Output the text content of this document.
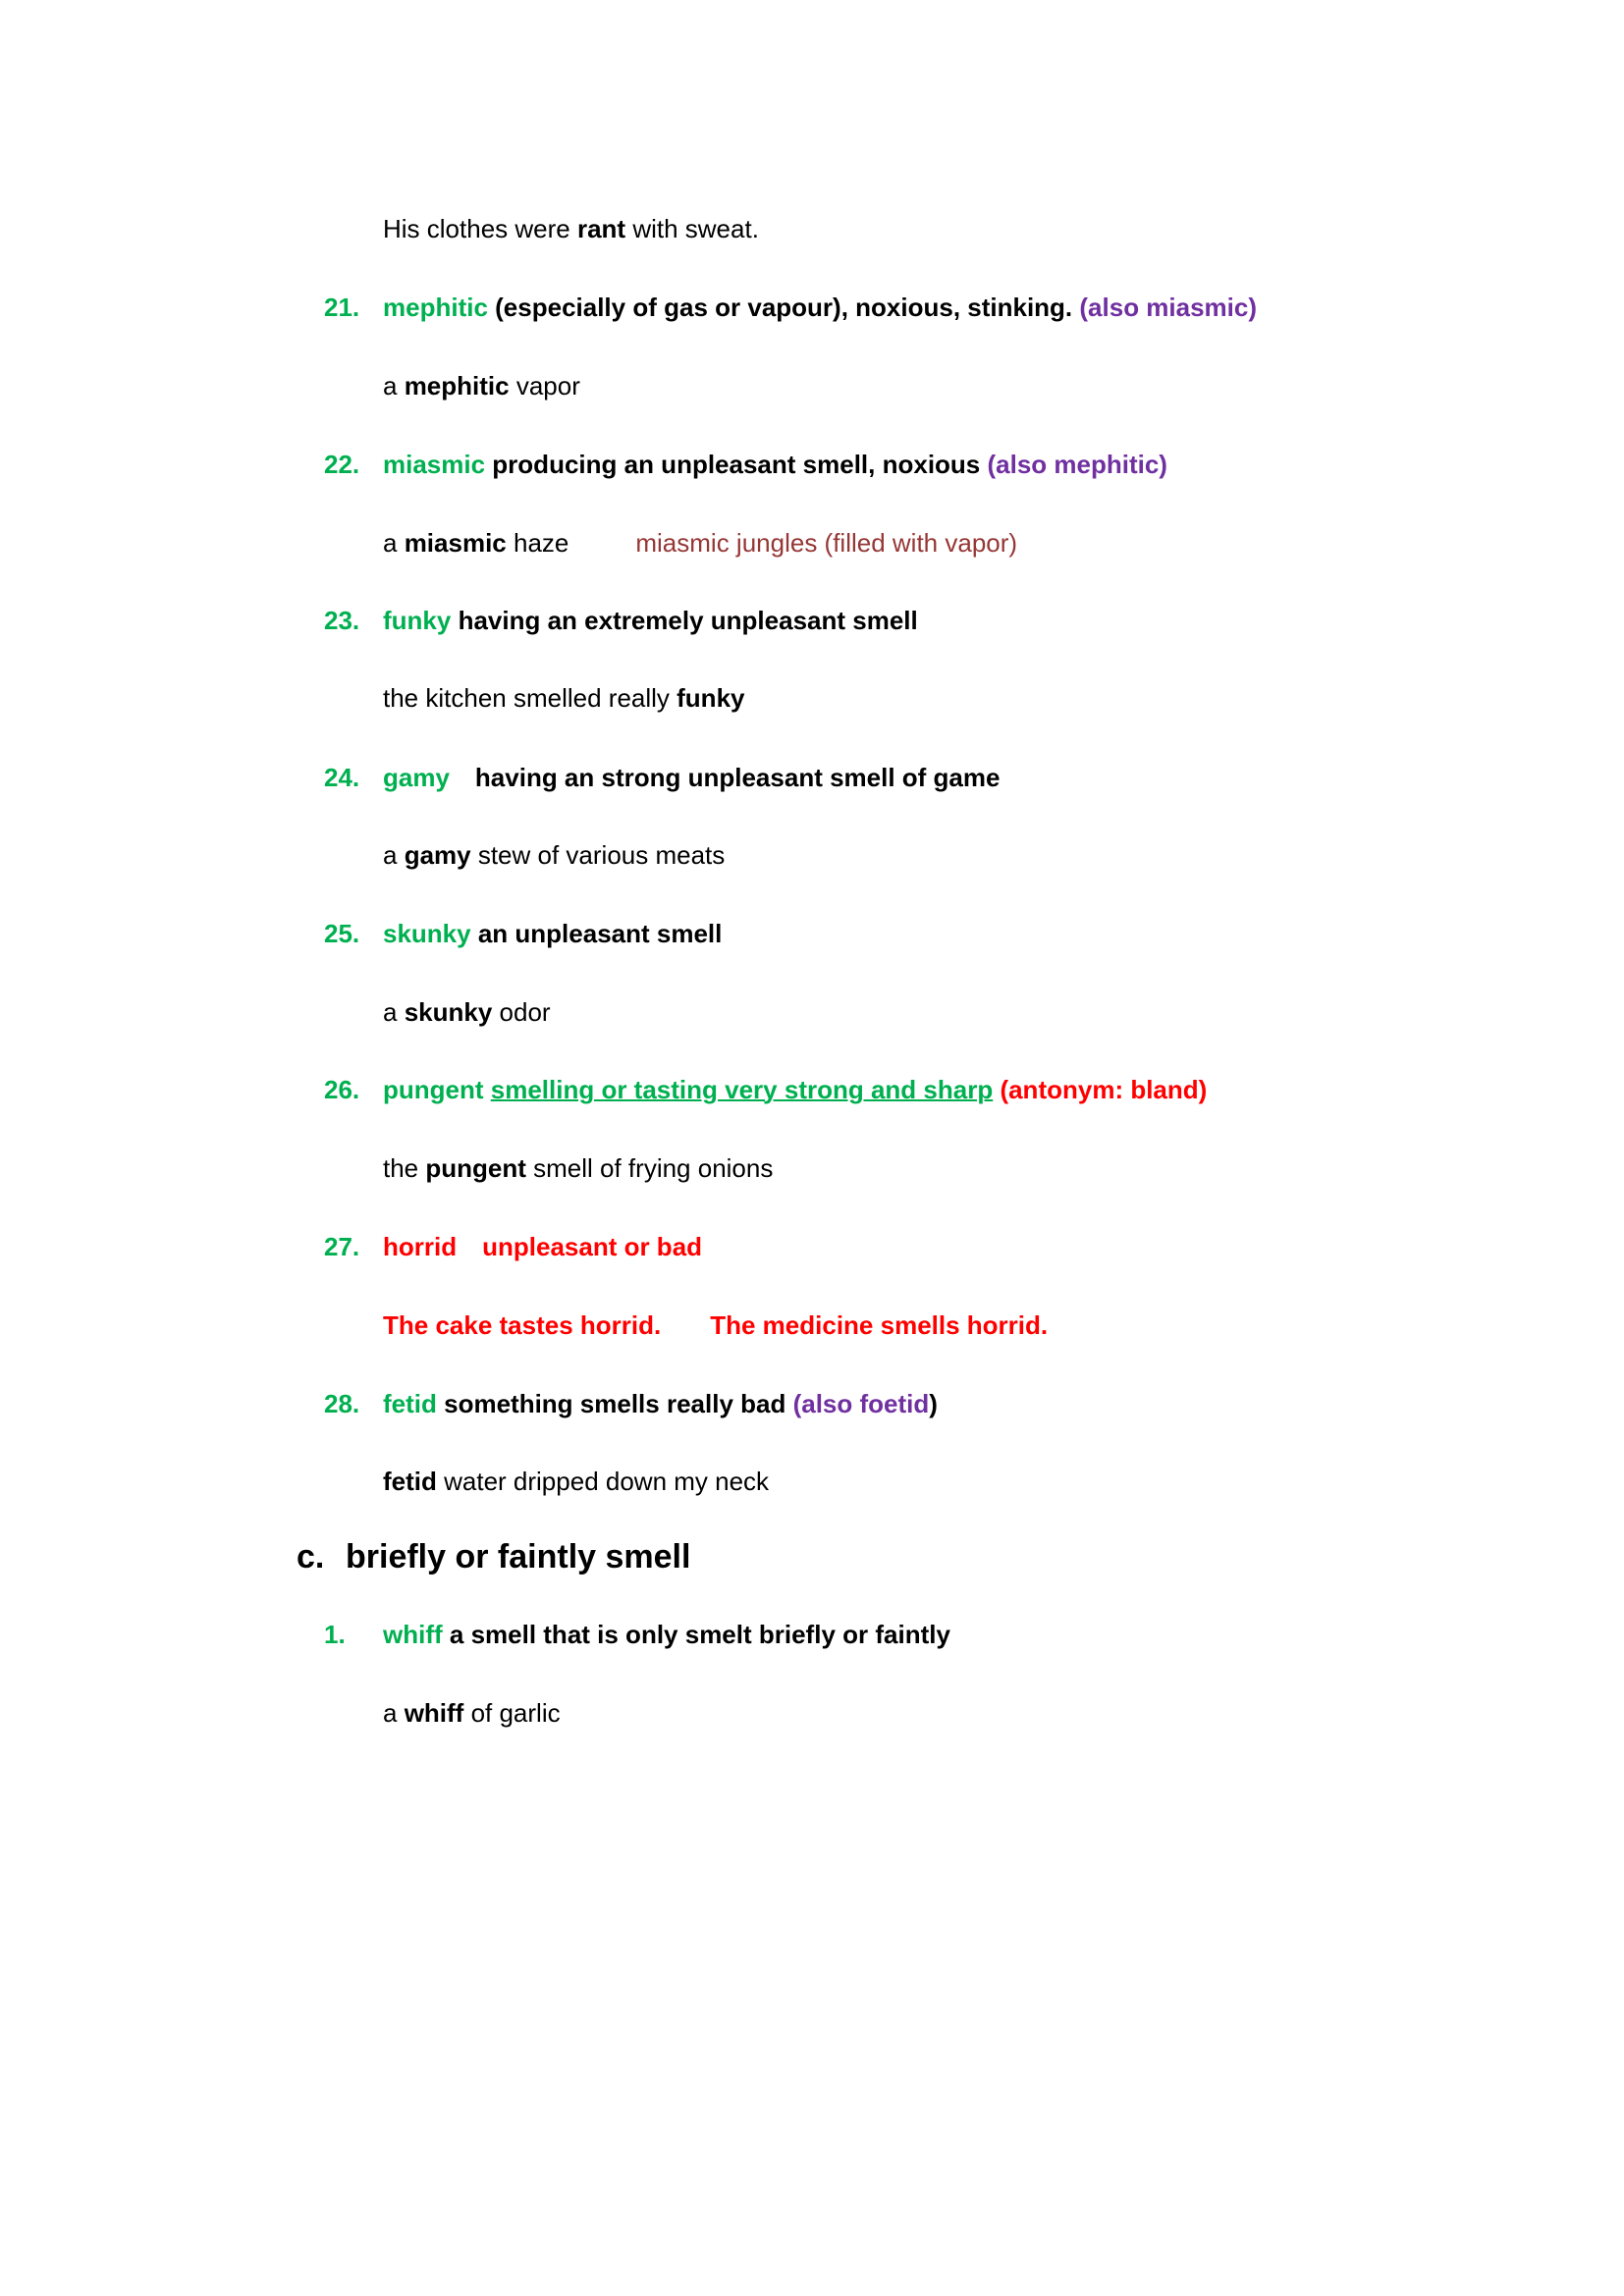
His clothes were rant with sweat.
21. mephitic (especially of gas or vapour), noxious, stinking. (also miasmic)
a mephitic vapor
22. miasmic producing an unpleasant smell, noxious (also mephitic)
a miasmic haze	miasmic jungles (filled with vapor)
23. funky having an extremely unpleasant smell
the kitchen smelled really funky
24. gamy having an strong unpleasant smell of game
a gamy stew of various meats
25. skunky an unpleasant smell
a skunky odor
26. pungent smelling or tasting very strong and sharp (antonym: bland)
the pungent smell of frying onions
27. horrid unpleasant or bad
The cake tastes horrid. The medicine smells horrid.
28. fetid something smells really bad (also foetid)
fetid water dripped down my neck
c. briefly or faintly smell
1. whiff a smell that is only smelt briefly or faintly
a whiff of garlic
